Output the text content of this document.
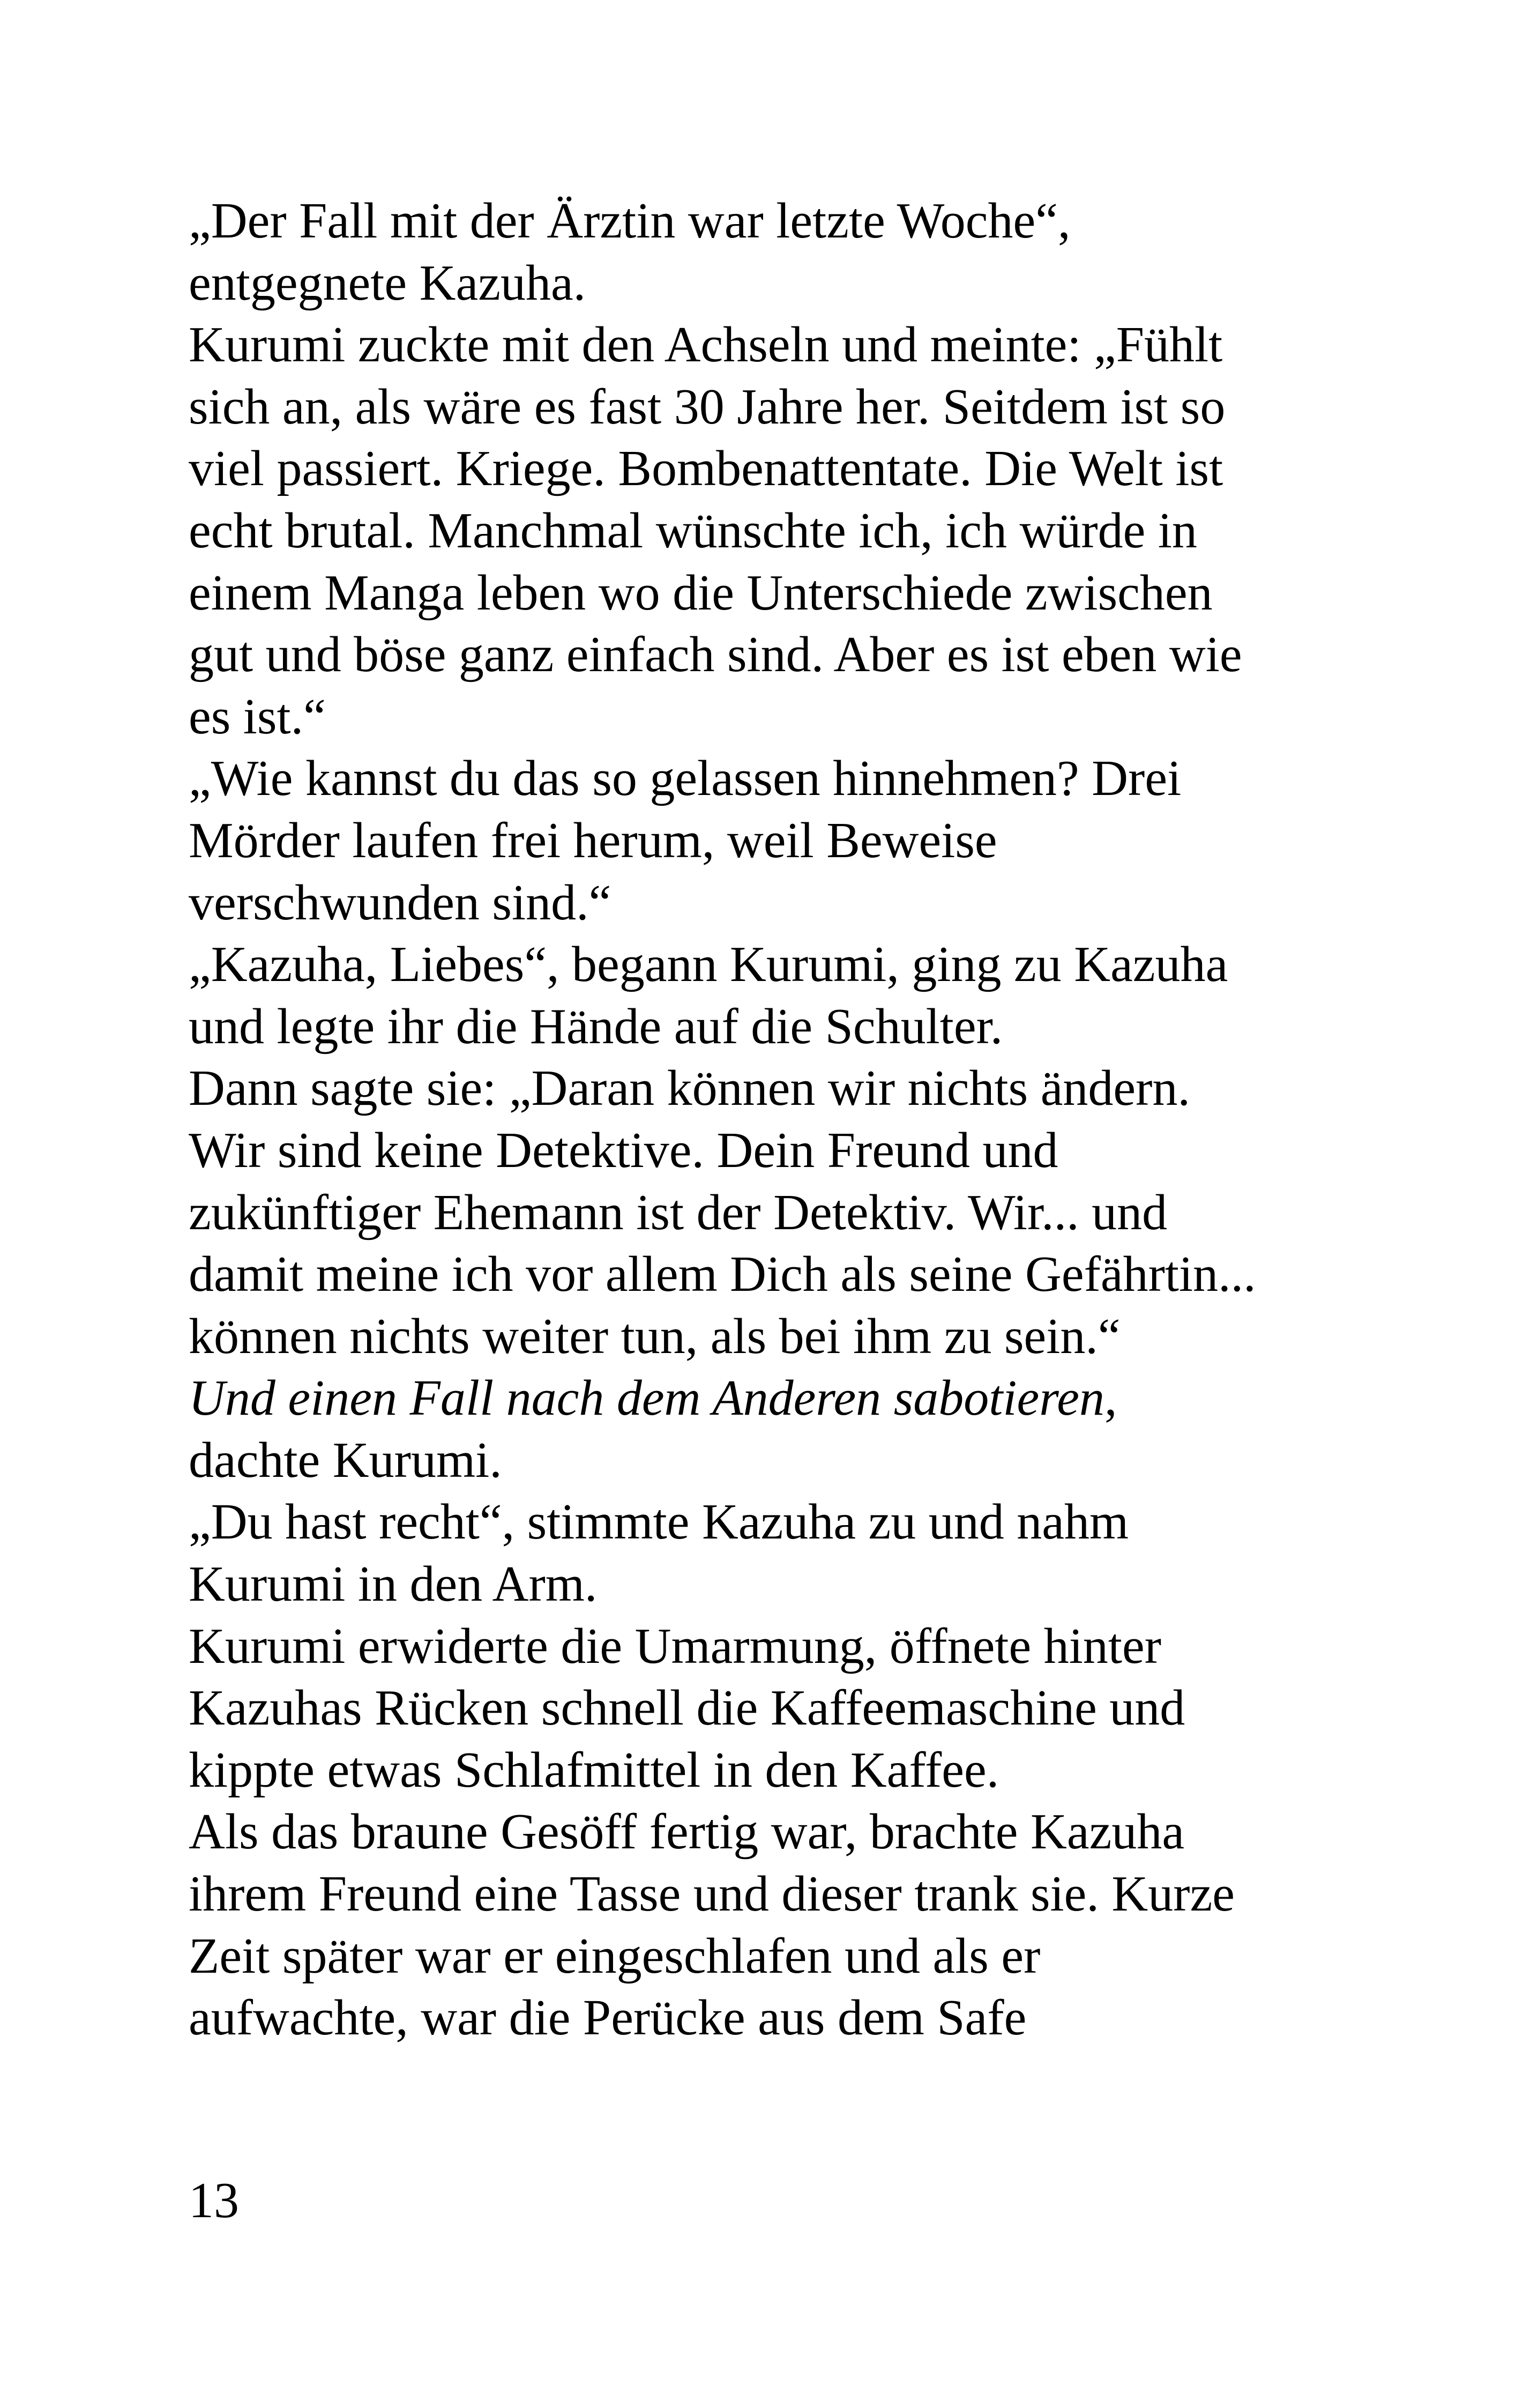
„Der Fall mit der Ärztin war letzte Woche“,
entgegnete Kazuha.
Kurumi zuckte mit den Achseln und meinte: „Fühlt
sich an, als wäre es fast 30 Jahre her. Seitdem ist so
viel passiert. Kriege. Bombenattentate. Die Welt ist
echt brutal. Manchmal wünschte ich, ich würde in
einem Manga leben wo die Unterschiede zwischen
gut und böse ganz einfach sind. Aber es ist eben wie
es ist.“
„Wie kannst du das so gelassen hinnehmen? Drei
Mörder laufen frei herum, weil Beweise
verschwunden sind.“
„Kazuha, Liebes“, begann Kurumi, ging zu Kazuha
und legte ihr die Hände auf die Schulter.
Dann sagte sie: „Daran können wir nichts ändern.
Wir sind keine Detektive. Dein Freund und
zukünftiger Ehemann ist der Detektiv. Wir... und
damit meine ich vor allem Dich als seine Gefährtin...
können nichts weiter tun, als bei ihm zu sein.“
Und einen Fall nach dem Anderen sabotieren,
dachte Kurumi.
„Du hast recht“, stimmte Kazuha zu und nahm
Kurumi in den Arm.
Kurumi erwiderte die Umarmung, öffnete hinter
Kazuhas Rücken schnell die Kaffeemaschine und
kippte etwas Schlafmittel in den Kaffee.
Als das braune Gesöff fertig war, brachte Kazuha
ihrem Freund eine Tasse und dieser trank sie. Kurze
Zeit später war er eingeschlafen und als er
aufwachte, war die Perücke aus dem Safe
13
